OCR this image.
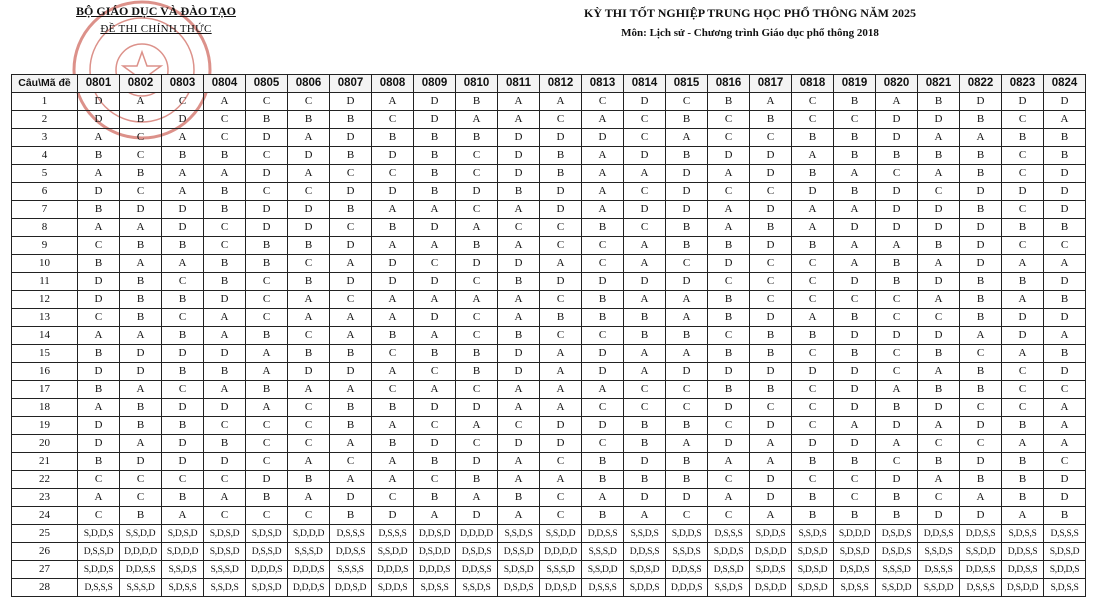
BỘ GIÁO DỤC VÀ ĐÀO TẠO
ĐỀ THI CHÍNH THỨC
KỲ THI TỐT NGHIỆP TRUNG HỌC PHỔ THÔNG NĂM 2025
Môn: Lịch sử - Chương trình Giáo dục phổ thông 2018
Câu\Mã đề	0801	0802	0803	0804	0805	0806	0807	0808	0809	0810	0811	0812	0813	0814	0815	0816	0817	0818	0819	0820	0821	0822	0823	0824
1	D	A	C	A	C	C	D	A	D	B	A	A	C	D	C	B	A	C	B	A	B	D	D	D
2	D	B	D	C	B	B	B	C	D	A	A	C	A	C	B	C	B	C	C	D	D	B	C	A
3	A	C	A	C	D	A	D	B	B	B	D	D	D	C	A	C	C	B	B	D	A	A	B	B
4	B	C	B	B	C	D	B	D	B	C	D	B	A	D	B	D	D	A	B	B	B	B	C	B
5	A	B	A	A	D	A	C	C	B	C	D	B	A	A	D	A	D	B	A	C	A	B	C	D
6	D	C	A	B	C	C	D	D	B	D	B	D	A	C	D	C	C	D	B	D	C	D	D	D
7	B	D	D	B	D	D	B	A	A	C	A	D	A	D	D	A	D	A	A	D	D	B	C	D
8	A	A	D	C	D	D	C	B	D	A	C	C	B	C	B	A	B	A	D	D	D	D	B	B
9	C	B	B	C	B	B	D	A	A	B	A	C	C	A	B	B	D	B	A	A	B	D	C	C
10	B	A	A	B	B	C	A	D	C	D	D	A	C	A	C	D	C	C	A	B	A	D	A	A
11	D	B	C	B	C	B	D	D	D	C	B	D	D	D	D	C	C	C	D	B	D	B	B	D
12	D	B	B	D	C	A	C	A	A	A	A	C	B	A	A	B	C	C	C	C	A	B	A	B
13	C	B	C	A	C	A	A	A	D	C	A	B	B	B	A	B	D	A	B	C	C	B	D	D
14	A	A	B	A	B	C	A	B	A	C	B	C	C	B	B	C	B	B	D	D	D	A	D	A
15	B	D	D	D	A	B	B	C	B	B	D	A	D	A	A	B	B	C	B	C	B	C	A	B
16	D	D	B	B	A	D	D	A	C	B	D	A	D	A	D	D	D	D	D	C	A	B	C	D
17	B	A	C	A	B	A	A	C	A	C	A	A	A	C	C	B	B	C	D	A	B	B	C	C
18	A	B	D	D	A	C	B	B	D	D	A	A	C	C	C	D	C	C	D	B	D	C	C	A
19	D	B	B	C	C	C	B	A	C	A	C	D	D	B	B	C	D	C	A	D	A	D	B	A
20	D	A	D	B	C	C	A	B	D	C	D	D	C	B	A	D	A	D	D	A	C	C	A	A
21	B	D	D	D	C	A	C	A	B	D	A	C	B	D	B	A	A	B	B	C	B	D	B	C
22	C	C	C	C	D	B	A	A	C	B	A	A	B	B	B	C	D	C	C	D	A	B	B	D
23	A	C	B	A	B	A	D	C	B	A	B	C	A	D	D	A	D	B	C	B	C	A	B	D
24	C	B	A	C	C	C	B	D	A	D	A	C	B	A	C	C	A	B	B	B	D	D	A	B
25	S,D,D,S	S,S,D,D	S,D,S,D	S,D,S,D	S,D,S,D	S,D,D,D	D,S,S,S	D,S,S,S	D,D,S,D	D,D,D,D	S,S,D,S	S,S,D,D	D,D,S,S	S,S,D,S	S,D,D,S	D,S,S,S	S,D,D,S	S,S,D,S	S,D,D,D	D,S,D,S	D,D,S,S	D,D,S,S	S,D,S,S	D,S,S,S
26	D,S,S,D	D,D,D,D	S,D,D,D	S,D,S,D	D,S,S,D	S,S,S,D	D,D,S,S	S,S,D,D	D,S,D,D	D,S,D,S	D,S,S,D	D,D,D,D	S,S,S,D	D,D,S,S	S,S,D,S	S,D,D,S	D,S,D,D	S,D,S,D	S,D,S,D	D,S,D,S	S,S,D,S	S,S,D,D	D,D,S,S	S,D,S,D
27	S,D,D,S	D,D,S,S	S,S,D,S	S,S,S,D	D,D,D,S	D,D,D,S	S,S,S,S	D,D,D,S	D,D,D,S	D,D,S,S	S,D,S,D	S,S,S,D	S,S,D,D	S,D,S,D	D,D,S,S	D,S,S,D	S,D,D,S	S,D,S,D	D,S,D,S	S,S,S,D	D,S,S,S	D,D,S,S	D,D,S,S	S,D,D,S
28	D,S,S,S	S,S,S,D	S,D,S,S	S,S,D,S	S,D,S,D	D,D,D,S	D,D,S,D	S,D,D,S	S,D,S,S	S,S,D,S	D,S,D,S	D,D,S,D	D,S,S,S	S,D,D,S	D,D,D,S	S,S,D,S	D,S,D,D	S,D,S,D	S,D,S,S	S,S,D,D	S,S,D,D	D,S,S,S	D,S,D,D	S,D,S,S
